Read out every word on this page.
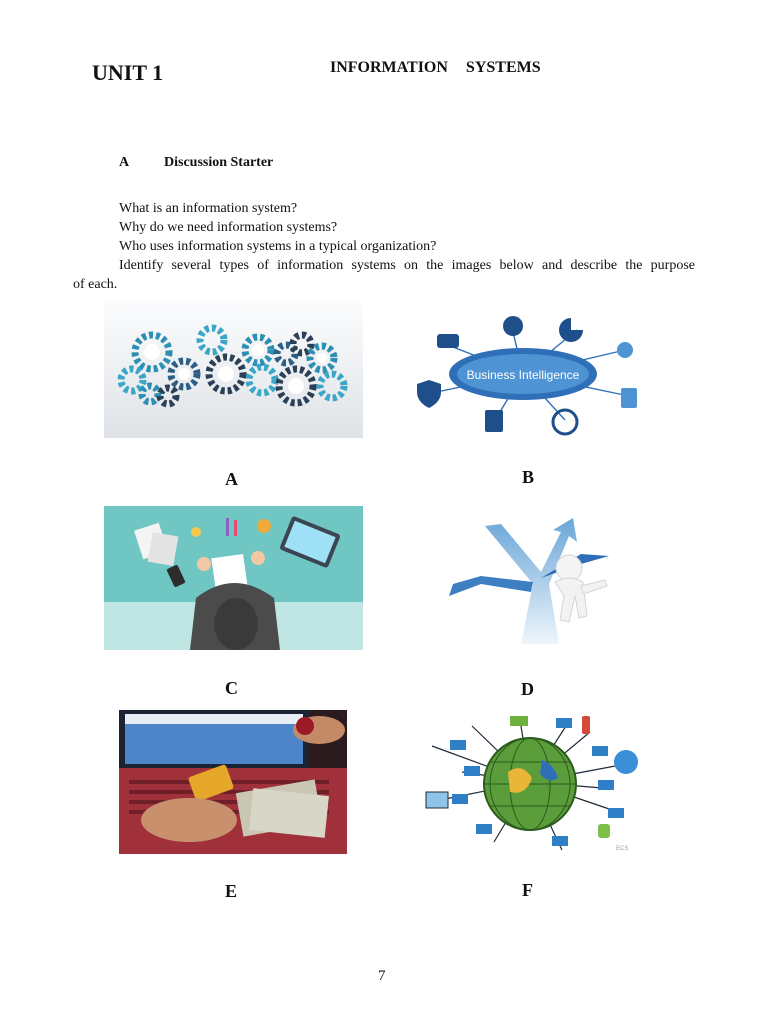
UNIT 1	INFORMATION SYSTEMS
A Discussion Starter
What is an information system?
Why do we need information systems?
Who uses information systems in a typical organization?
Identify several types of information systems on the images below and describe the purpose
of each.
A
Business Intelligence
B
C	D
E
ECS
F
7
